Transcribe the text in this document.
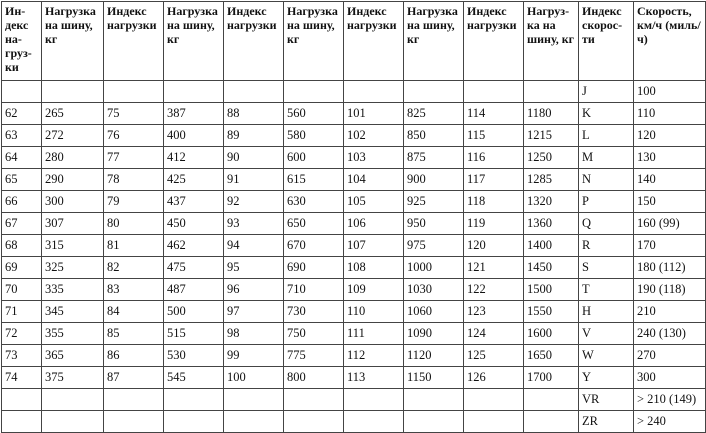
Индекс нагрузки	Нагрузка на шину, кг	Индекс нагрузки	Нагрузка на шину, кг	Индекс нагрузки	Нагрузка на шину, кг	Индекс нагрузки	Нагрузка на шину, кг	Индекс нагрузки	Нагрузка на шину, кг	Индекс скорости	Скорость, км/ч (миль/ч)
										J	100
62	265	75	387	88	560	101	825	114	1180	K	110
63	272	76	400	89	580	102	850	115	1215	L	120
64	280	77	412	90	600	103	875	116	1250	M	130
65	290	78	425	91	615	104	900	117	1285	N	140
66	300	79	437	92	630	105	925	118	1320	P	150
67	307	80	450	93	650	106	950	119	1360	Q	160 (99)
68	315	81	462	94	670	107	975	120	1400	R	170
69	325	82	475	95	690	108	1000	121	1450	S	180 (112)
70	335	83	487	96	710	109	1030	122	1500	T	190 (118)
71	345	84	500	97	730	110	1060	123	1550	H	210
72	355	85	515	98	750	111	1090	124	1600	V	240 (130)
73	365	86	530	99	775	112	1120	125	1650	W	270
74	375	87	545	100	800	113	1150	126	1700	Y	300
										VR	> 210 (149)
										ZR	> 240
